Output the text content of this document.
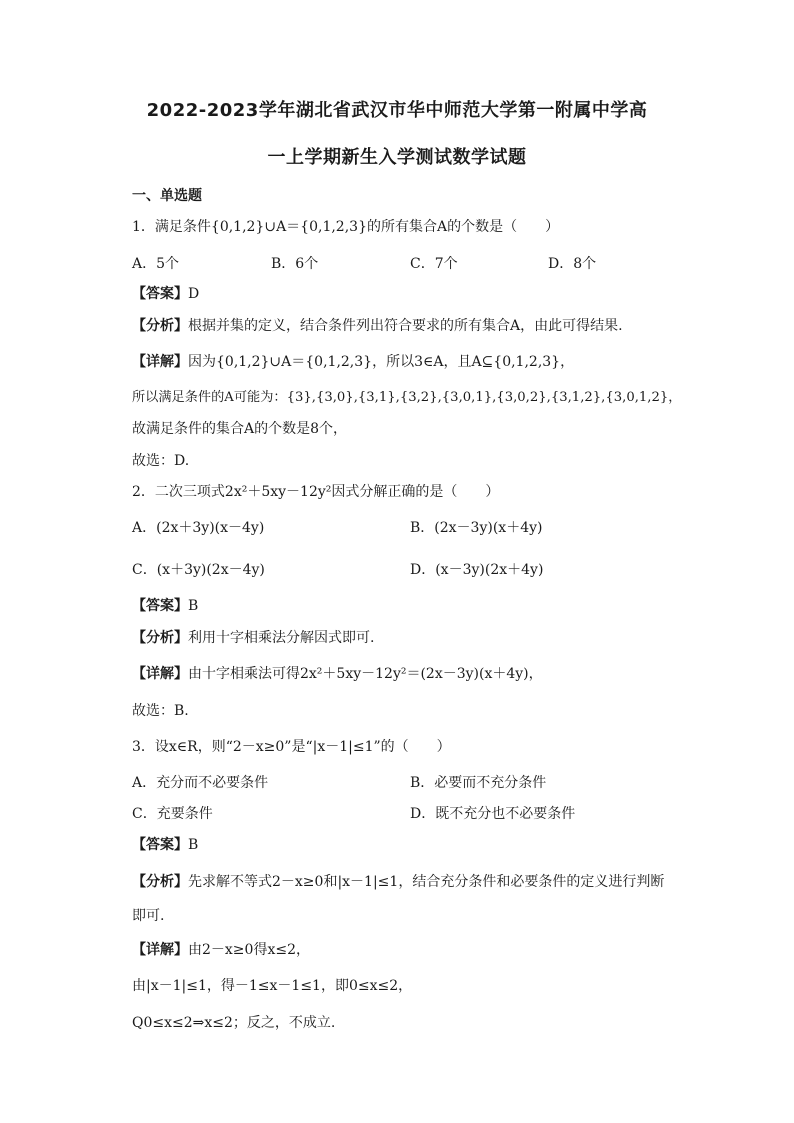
2022-2023学年湖北省武汉市华中师范大学第一附属中学高
一上学期新生入学测试数学试题
一、单选题
1．满足条件{0,1,2}∪A＝{0,1,2,3}的所有集合A的个数是（　　）
A．5个	B．6个	C．7个	D．8个
【答案】D
【分析】根据并集的定义，结合条件列出符合要求的所有集合A，由此可得结果.
【详解】因为{0,1,2}∪A＝{0,1,2,3}，所以3∈A，且A⊆{0,1,2,3}，
所以满足条件的A可能为：{3},{3,0},{3,1},{3,2},{3,0,1},{3,0,2},{3,1,2},{3,0,1,2}，
故满足条件的集合A的个数是8个，
故选：D.
2．二次三项式2x²＋5xy－12y²因式分解正确的是（　　）
A．(2x＋3y)(x－4y)	B．(2x－3y)(x＋4y)
C．(x＋3y)(2x－4y)	D．(x－3y)(2x＋4y)
【答案】B
【分析】利用十字相乘法分解因式即可.
【详解】由十字相乘法可得2x²＋5xy－12y²＝(2x－3y)(x＋4y)，
故选：B.
3．设x∈R，则“2－x≥0”是“|x－1|≤1”的（　　）
A．充分而不必要条件	B．必要而不充分条件
C．充要条件	D．既不充分也不必要条件
【答案】B
【分析】先求解不等式2－x≥0和|x－1|≤1，结合充分条件和必要条件的定义进行判断
即可.
【详解】由2－x≥0得x≤2，
由|x－1|≤1，得－1≤x－1≤1，即0≤x≤2，
Q0≤x≤2⇒x≤2；反之，不成立.
